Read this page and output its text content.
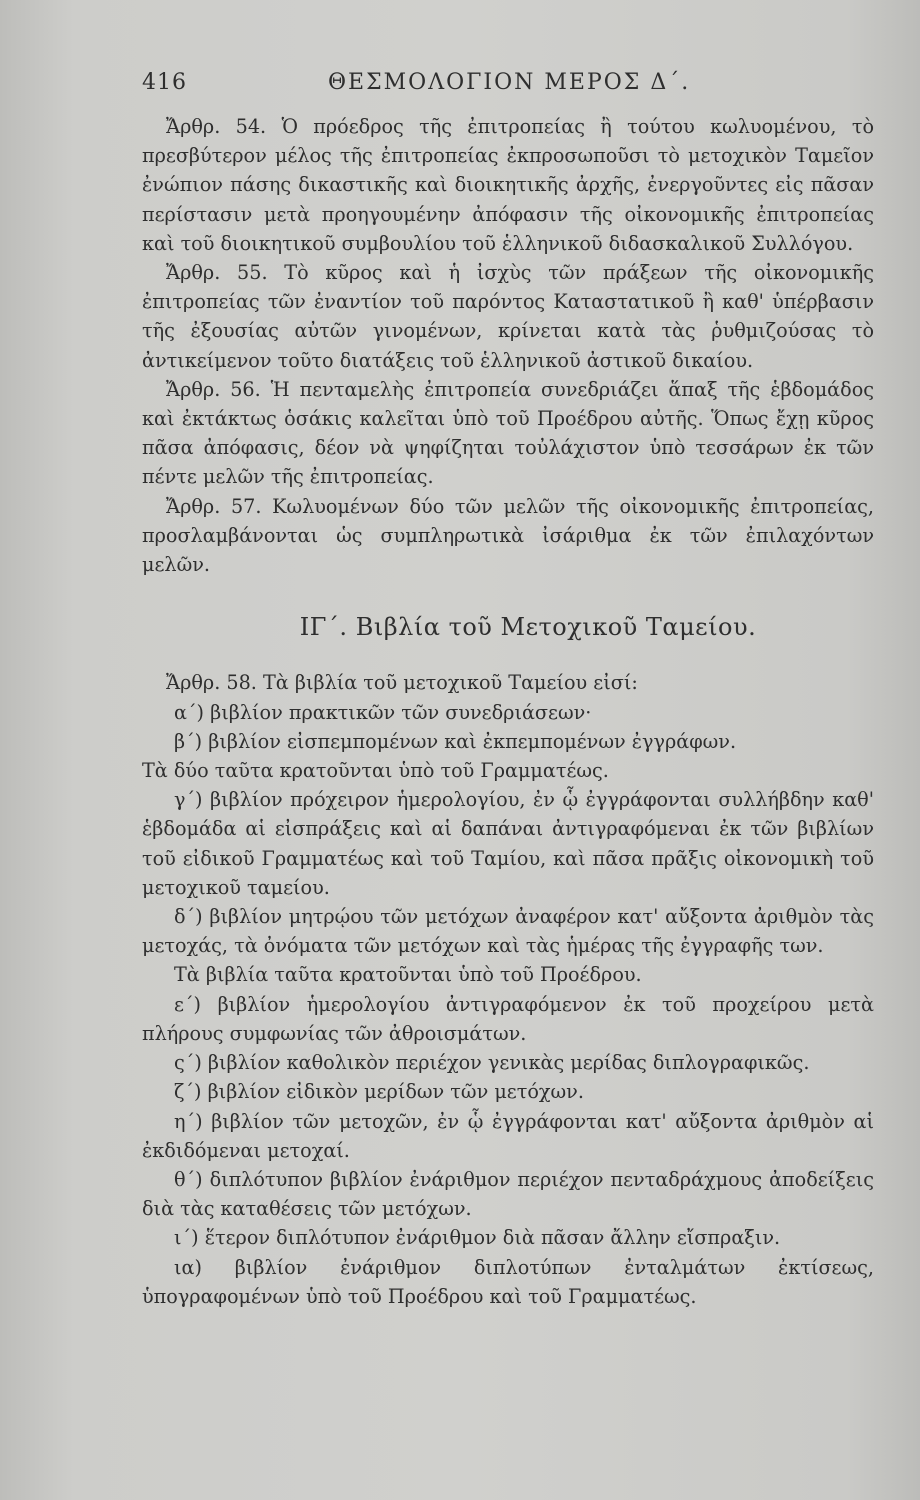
416	ΘΕΣΜΟΛΟΓΙΟΝ ΜΕΡΟΣ Δ΄.

Ἄρθρ. 54. Ὁ πρόεδρος τῆς ἐπιτροπείας ἢ τούτου κωλυομένου, τὸ πρεσβύτερον μέλος τῆς ἐπιτροπείας ἐκπροσωποῦσι τὸ μετοχικὸν Ταμεῖον ἐνώπιον πάσης δικαστικῆς καὶ διοικητικῆς ἀρχῆς, ἐνεργοῦντες εἰς πᾶσαν περίστασιν μετὰ προηγουμένην ἀπόφασιν τῆς οἰκονομικῆς ἐπιτροπείας καὶ τοῦ διοικητικοῦ συμβουλίου τοῦ ἑλληνικοῦ διδασκαλικοῦ Συλλόγου.

Ἄρθρ. 55. Τὸ κῦρος καὶ ἡ ἰσχὺς τῶν πράξεων τῆς οἰκονομικῆς ἐπιτροπείας τῶν ἐναντίον τοῦ παρόντος Καταστατικοῦ ἢ καθ' ὑπέρβασιν τῆς ἐξουσίας αὐτῶν γινομένων, κρίνεται κατὰ τὰς ῥυθμιζούσας τὸ ἀντικείμενον τοῦτο διατάξεις τοῦ ἑλληνικοῦ ἀστικοῦ δικαίου.

Ἄρθρ. 56. Ἡ πενταμελὴς ἐπιτροπεία συνεδριάζει ἅπαξ τῆς ἑβδομάδος καὶ ἐκτάκτως ὁσάκις καλεῖται ὑπὸ τοῦ Προέδρου αὐτῆς. Ὅπως ἔχῃ κῦρος πᾶσα ἀπόφασις, δέον νὰ ψηφίζηται τοὐλάχιστον ὑπὸ τεσσάρων ἐκ τῶν πέντε μελῶν τῆς ἐπιτροπείας.

Ἄρθρ. 57. Κωλυομένων δύο τῶν μελῶν τῆς οἰκονομικῆς ἐπιτροπείας, προσλαμβάνονται ὡς συμπληρωτικὰ ἰσάριθμα ἐκ τῶν ἐπιλαχόντων μελῶν.

ΙΓ΄. Βιβλία τοῦ Μετοχικοῦ Ταμείου.

Ἄρθρ. 58. Τὰ βιβλία τοῦ μετοχικοῦ Ταμείου εἰσί:

α΄) βιβλίον πρακτικῶν τῶν συνεδριάσεων·

β΄) βιβλίον εἰσπεμπομένων καὶ ἐκπεμπομένων ἐγγράφων.

Τὰ δύο ταῦτα κρατοῦνται ὑπὸ τοῦ Γραμματέως.

γ΄) βιβλίον πρόχειρον ἡμερολογίου, ἐν ᾧ ἐγγράφονται συλλήβδην καθ' ἑβδομάδα αἱ εἰσπράξεις καὶ αἱ δαπάναι ἀντιγραφόμεναι ἐκ τῶν βιβλίων τοῦ εἰδικοῦ Γραμματέως καὶ τοῦ Ταμίου, καὶ πᾶσα πρᾶξις οἰκονομικὴ τοῦ μετοχικοῦ ταμείου.

δ΄) βιβλίον μητρῴου τῶν μετόχων ἀναφέρον κατ' αὔξοντα ἀριθμὸν τὰς μετοχάς, τὰ ὀνόματα τῶν μετόχων καὶ τὰς ἡμέρας τῆς ἐγγραφῆς των.

Τὰ βιβλία ταῦτα κρατοῦνται ὑπὸ τοῦ Προέδρου.

ε΄) βιβλίον ἡμερολογίου ἀντιγραφόμενον ἐκ τοῦ προχείρου μετὰ πλήρους συμφωνίας τῶν ἀθροισμάτων.

ς΄) βιβλίον καθολικὸν περιέχον γενικὰς μερίδας διπλογραφικῶς.

ζ΄) βιβλίον εἰδικὸν μερίδων τῶν μετόχων.

η΄) βιβλίον τῶν μετοχῶν, ἐν ᾧ ἐγγράφονται κατ' αὔξοντα ἀριθμὸν αἱ ἐκδιδόμεναι μετοχαί.

θ΄) διπλότυπον βιβλίον ἐνάριθμον περιέχον πενταδράχμους ἀποδείξεις διὰ τὰς καταθέσεις τῶν μετόχων.

ι΄) ἕτερον διπλότυπον ἐνάριθμον διὰ πᾶσαν ἄλλην εἴσπραξιν.

ια) βιβλίον ἐνάριθμον διπλοτύπων ἐνταλμάτων ἐκτίσεως, ὑπογραφομένων ὑπὸ τοῦ Προέδρου καὶ τοῦ Γραμματέως.
